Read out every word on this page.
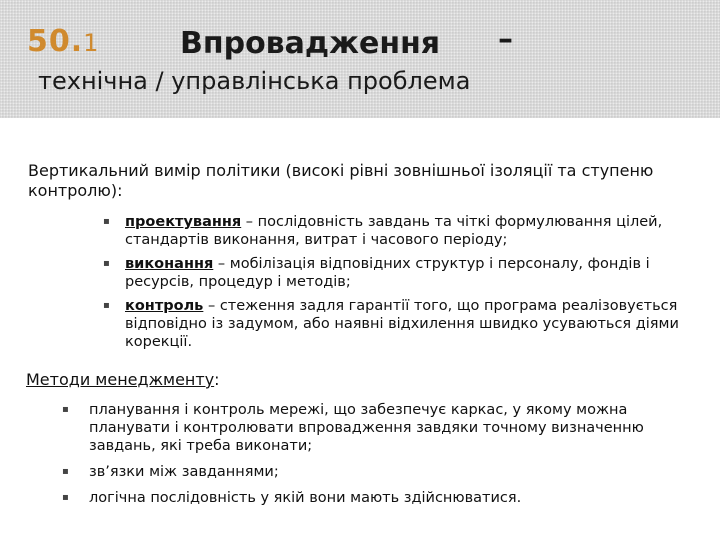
50.1	Впровадження –
технічна / управлінська проблема
Вертикальний вимір політики (високі рівні зовнішньої ізоляції та ступеню контролю):
▪ проектування – послідовність завдань та чіткі формулювання цілей, стандартів виконання, витрат і часового періоду;
▪ виконання – мобілізація відповідних структур і персоналу, фондів і ресурсів, процедур і методів;
▪ контроль – стеження задля гарантії того, що програма реалізовується відповідно із задумом, або наявні відхилення швидко усуваються діями корекції.
Методи менеджменту:
▪ планування і контроль мережі, що забезпечує каркас, у якому можна планувати і контролювати впровадження завдяки точному визначенню завдань, які треба виконати;
▪ зв’язки між завданнями;
▪ логічна послідовність у якій вони мають здійснюватися.
